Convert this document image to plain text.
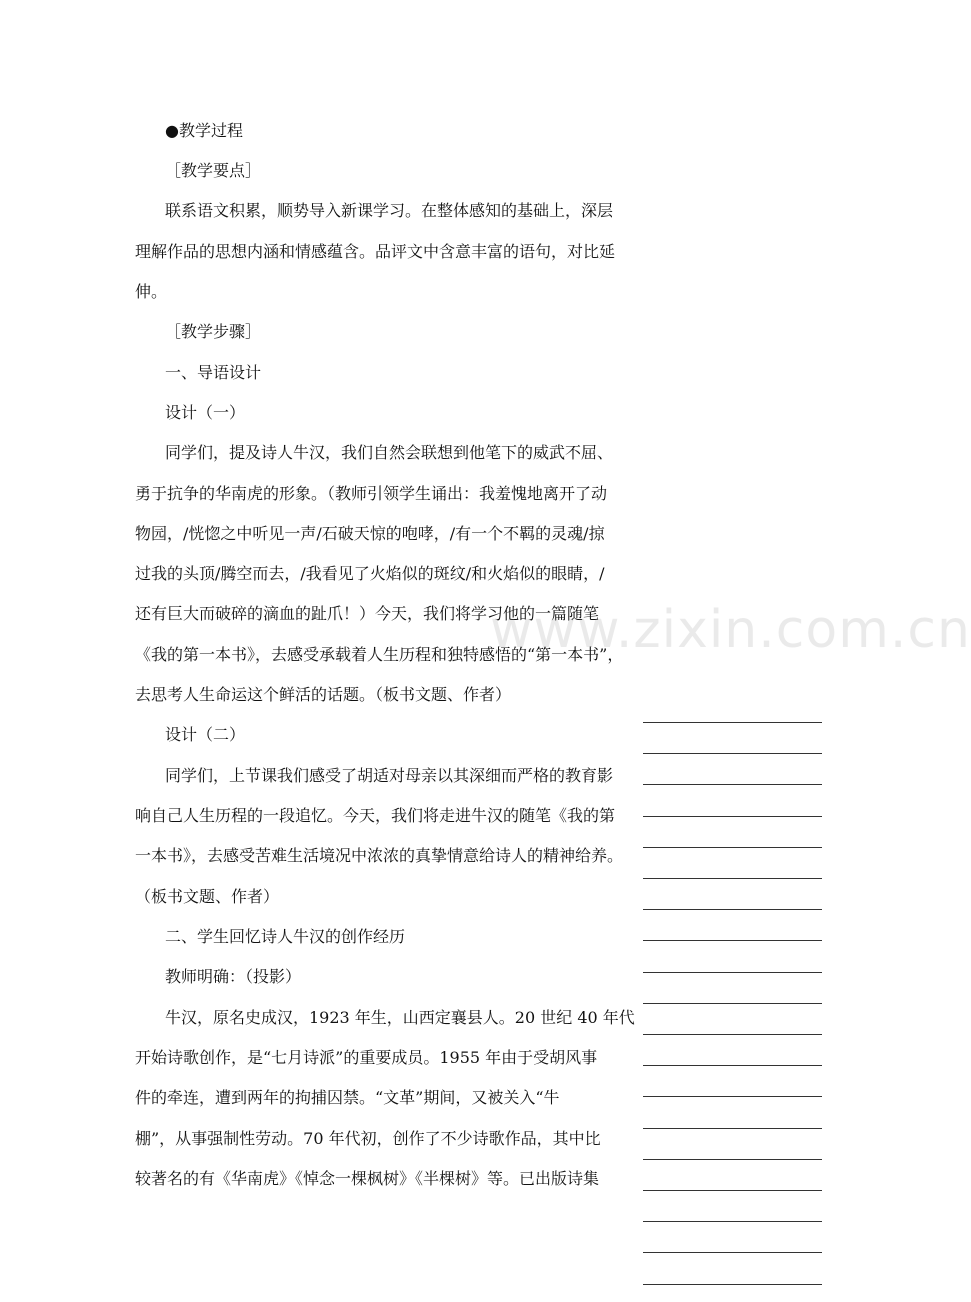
●教学过程
［教学要点］
联系语文积累，顺势导入新课学习。在整体感知的基础上，深层
理解作品的思想内涵和情感蕴含。品评文中含意丰富的语句，对比延
伸。
［教学步骤］
一、导语设计
设计（一）
同学们，提及诗人牛汉，我们自然会联想到他笔下的威武不屈、
勇于抗争的华南虎的形象。（教师引领学生诵出：我羞愧地离开了动
物园，/恍惚之中听见一声/石破天惊的咆哮，/有一个不羁的灵魂/掠
过我的头顶/腾空而去，/我看见了火焰似的斑纹/和火焰似的眼睛，/
还有巨大而破碎的滴血的趾爪！）今天，我们将学习他的一篇随笔
《我的第一本书》，去感受承载着人生历程和独特感悟的“第一本书”，
去思考人生命运这个鲜活的话题。（板书文题、作者）
设计（二）
同学们，上节课我们感受了胡适对母亲以其深细而严格的教育影
响自己人生历程的一段追忆。今天，我们将走进牛汉的随笔《我的第
一本书》，去感受苦难生活境况中浓浓的真挚情意给诗人的精神给养。
（板书文题、作者）
二、学生回忆诗人牛汉的创作经历
教师明确：（投影）
牛汉，原名史成汉，1923 年生，山西定襄县人。20 世纪 40 年代
开始诗歌创作，是“七月诗派”的重要成员。1955 年由于受胡风事
件的牵连，遭到两年的拘捕囚禁。“文革”期间，又被关入“牛
棚”，从事强制性劳动。70 年代初，创作了不少诗歌作品，其中比
较著名的有《华南虎》《悼念一棵枫树》《半棵树》等。已出版诗集
www.zixin.com.cn
